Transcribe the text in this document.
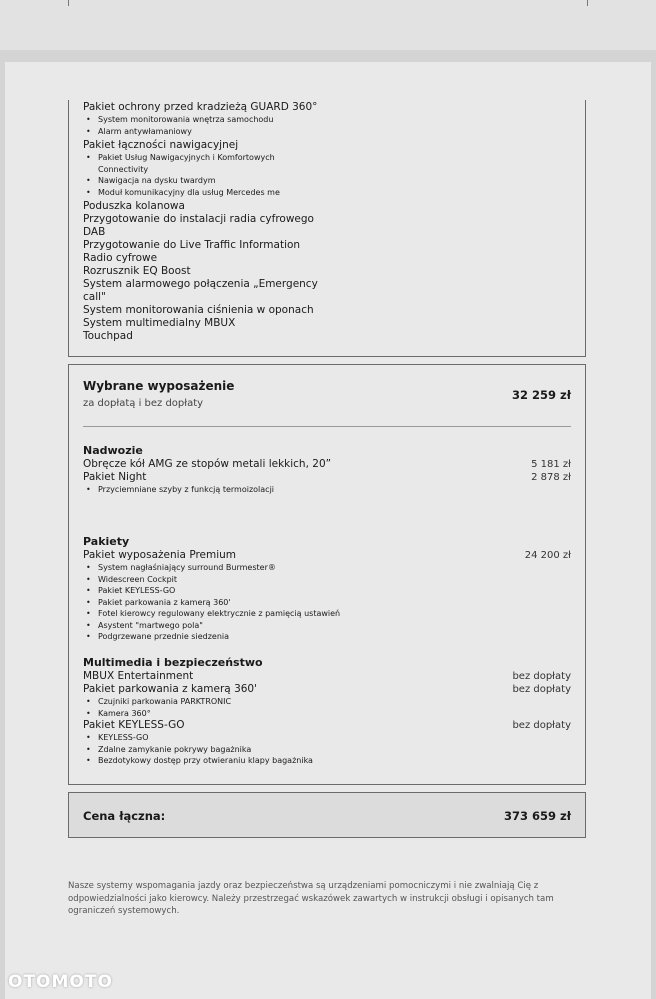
Pakiet ochrony przed kradzieżą GUARD 360°
• System monitorowania wnętrza samochodu
• Alarm antywłamaniowy
Pakiet łączności nawigacyjnej
• Pakiet Usług Nawigacyjnych i Komfortowych
Connectivity
• Nawigacja na dysku twardym
• Moduł komunikacyjny dla usług Mercedes me
Poduszka kolanowa
Przygotowanie do instalacji radia cyfrowego
DAB
Przygotowanie do Live Traffic Information
Radio cyfrowe
Rozrusznik EQ Boost
System alarmowego połączenia „Emergency
call"
System monitorowania ciśnienia w oponach
System multimedialny MBUX
Touchpad
Wybrane wyposażenie
za dopłatą i bez dopłaty
32 259 zł
Nadwozie
Obręcze kół AMG ze stopów metali lekkich, 20”	5 181 zł
Pakiet Night	2 878 zł
• Przyciemniane szyby z funkcją termoizolacji
Pakiety
Pakiet wyposażenia Premium	24 200 zł
• System nagłaśniający surround Burmester®
• Widescreen Cockpit
• Pakiet KEYLESS-GO
• Pakiet parkowania z kamerą 360'
• Fotel kierowcy regulowany elektrycznie z pamięcią ustawień
• Asystent "martwego pola"
• Podgrzewane przednie siedzenia
Multimedia i bezpieczeństwo
MBUX Entertainment	bez dopłaty
Pakiet parkowania z kamerą 360'	bez dopłaty
• Czujniki parkowania PARKTRONIC
• Kamera 360°
Pakiet KEYLESS-GO	bez dopłaty
• KEYLESS-GO
• Zdalne zamykanie pokrywy bagażnika
• Bezdotykowy dostęp przy otwieraniu klapy bagażnika
Cena łączna:	373 659 zł
Nasze systemy wspomagania jazdy oraz bezpieczeństwa są urządzeniami pomocniczymi i nie zwalniają Cię z odpowiedzialności jako kierowcy. Należy przestrzegać wskazówek zawartych w instrukcji obsługi i opisanych tam ograniczeń systemowych.
OTOMOTO
